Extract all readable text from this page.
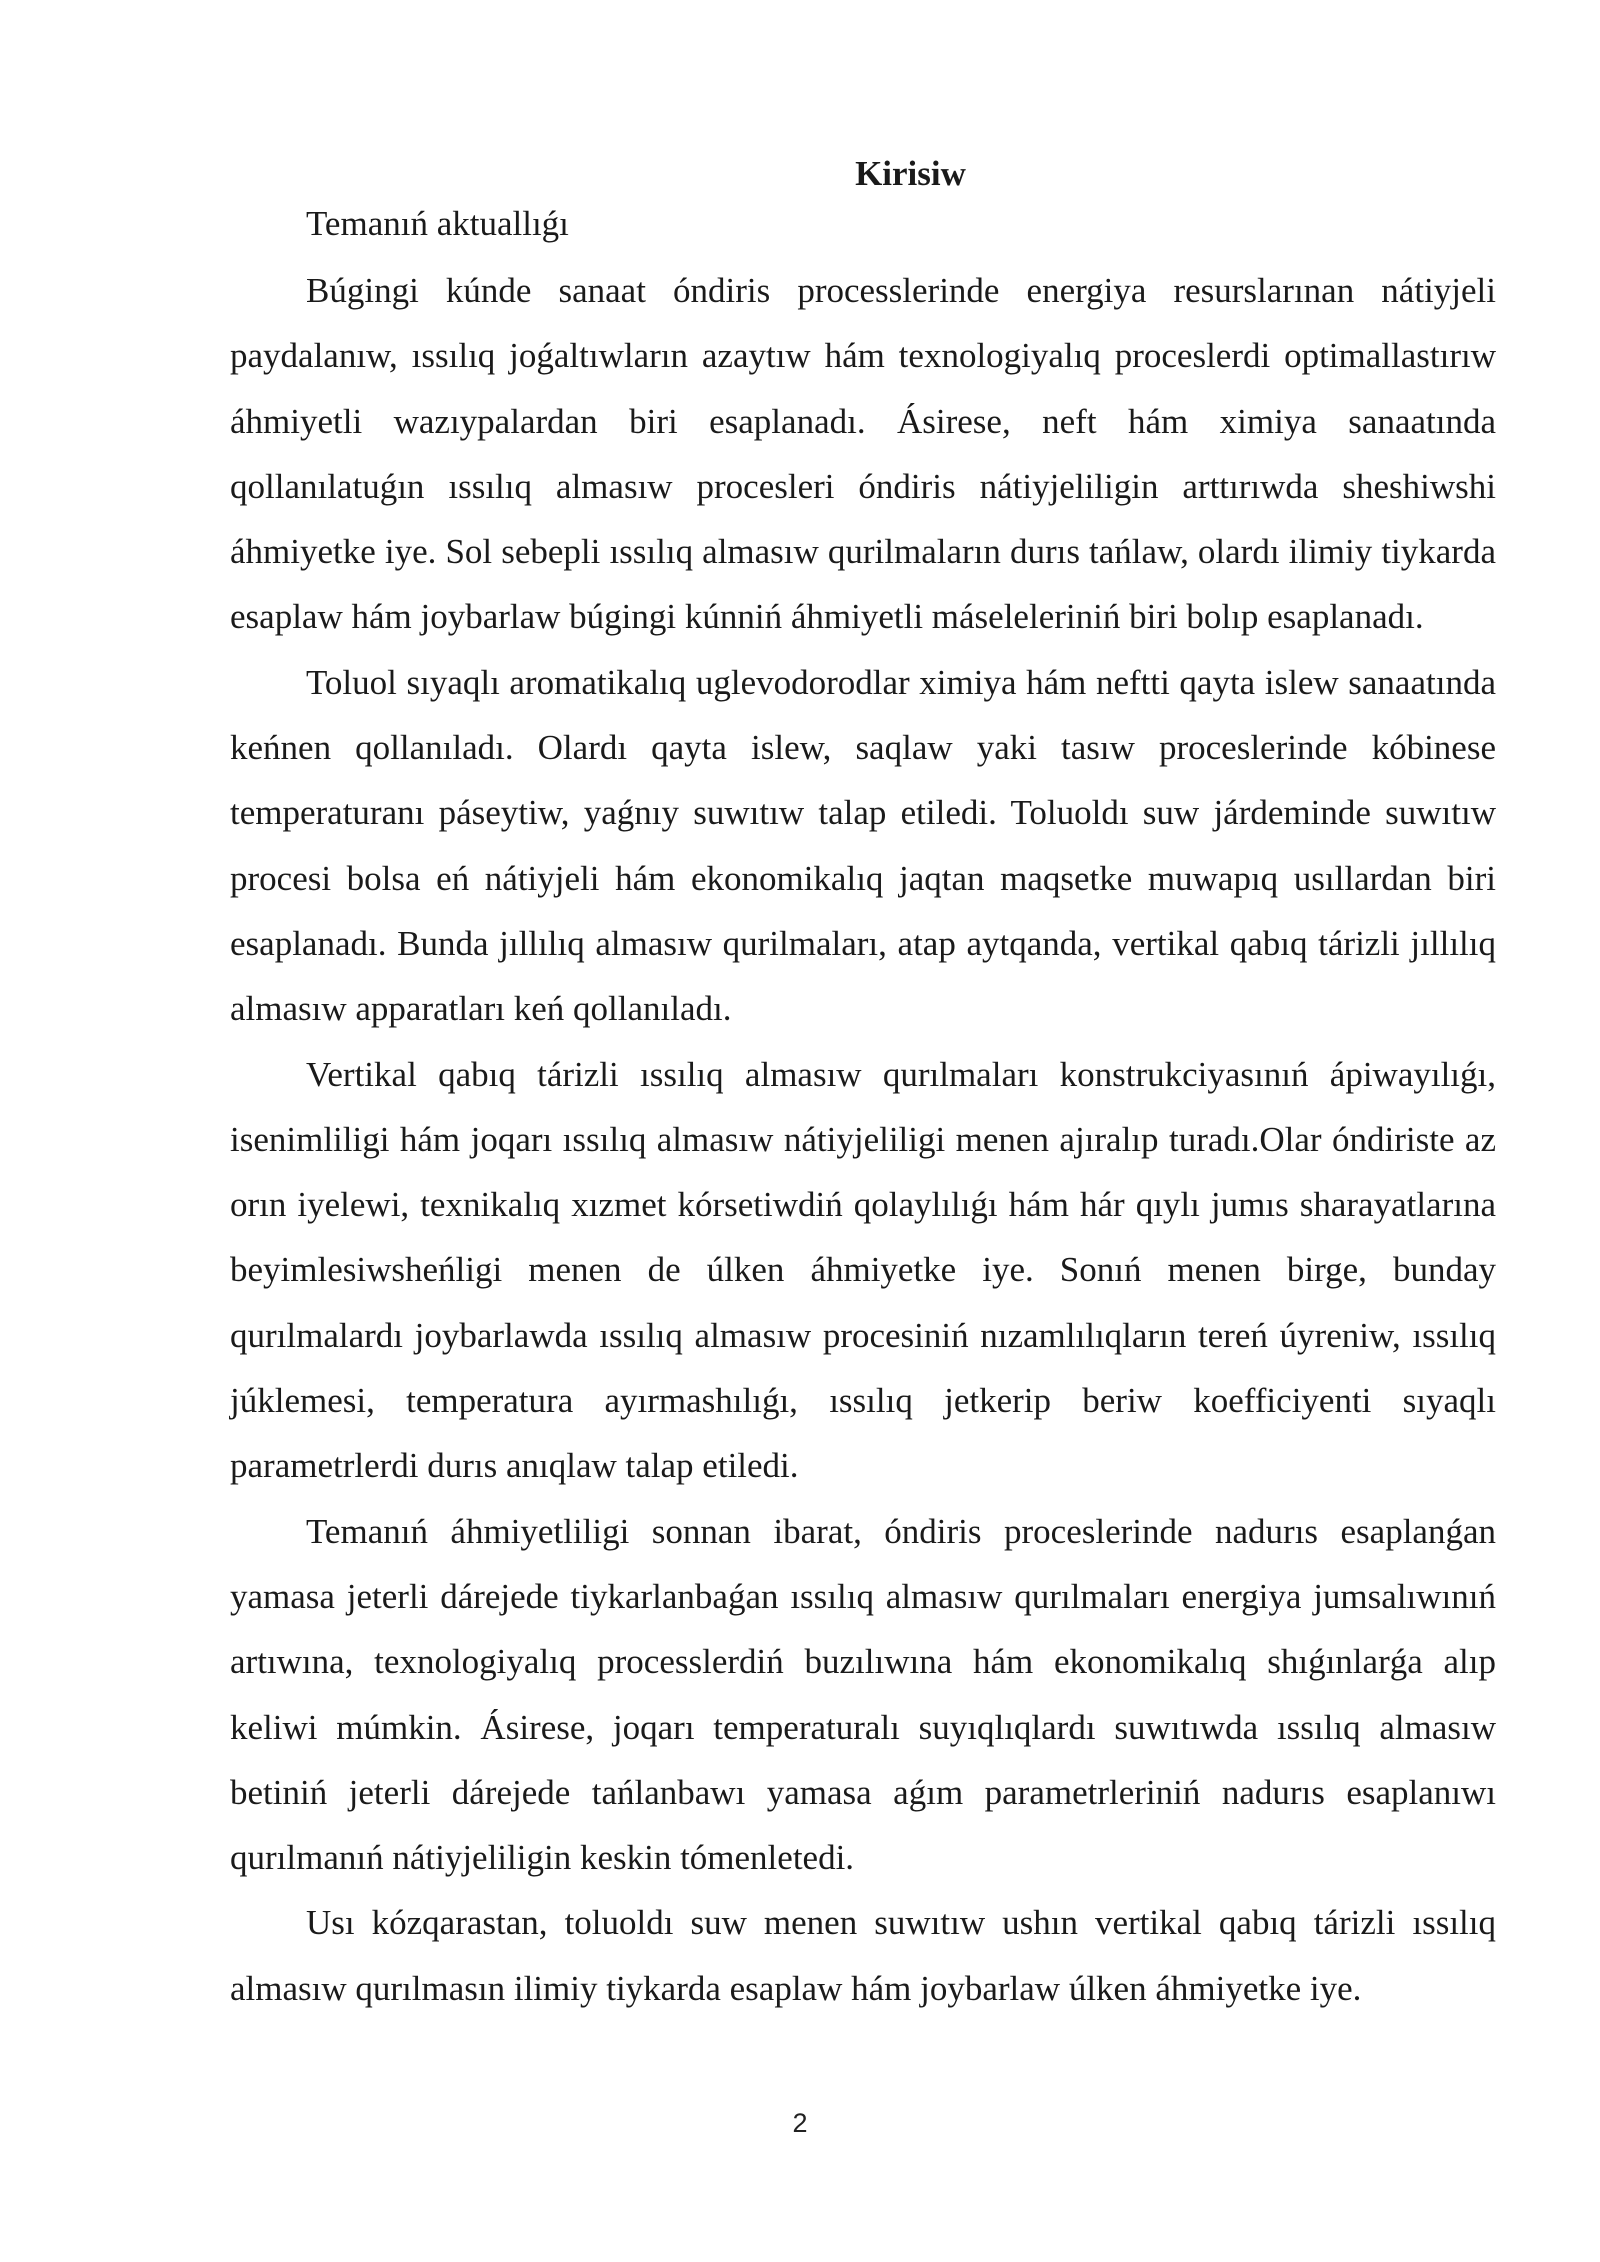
Kirisiw
Temanıń aktuallıǵı

Búgingi kúnde sanaat óndiris processlerinde energiya resurslarınan nátiyjeli paydalanıw, ıssılıq joǵaltıwların azaytıw hám texnologiyalıq proceslerdi optimallastırıw áhmiyetli wazıypalardan biri esaplanadı. Ásirese, neft hám ximiya sanaatında qollanılatuǵın ıssılıq almasıw procesleri óndiris nátiyjeliligin arttırıwda sheshiwshi áhmiyetke iye. Sol sebepli ıssılıq almasıw qurilmaların durıs tańlaw, olardı ilimiy tiykarda esaplaw hám joybarlaw búgingi kúnniń áhmiyetli máseleleriniń biri bolıp esaplanadı.

Toluol sıyaqlı aromatikalıq uglevodorodlar ximiya hám neftti qayta islew sanaatında keńnen qollanıladı. Olardı qayta islew, saqlaw yaki tasıw proceslerinde kóbinese temperaturanı páseytiw, yaǵnıy suwıtıw talap etiledi. Toluoldı suw járdeminde suwıtıw procesi bolsa eń nátiyjeli hám ekonomikalıq jaqtan maqsetke muwapıq usıllardan biri esaplanadı. Bunda jıllılıq almasıw qurilmaları, atap aytqanda, vertikal qabıq tárizli jıllılıq almasıw apparatları keń qollanıladı.

Vertikal qabıq tárizli ıssılıq almasıw qurılmaları konstrukciyasınıń ápiwayılıǵı, isenimliligi hám joqarı ıssılıq almasıw nátiyjeliligi menen ajıralıp turadı.Olar óndiriste az orın iyelewi, texnikalıq xızmet kórsetiwdiń qolaylılıǵı hám hár qıylı jumıs sharayatlarına beyimlesiwsheńligi menen de úlken áhmiyetke iye. Sonıń menen birge, bunday qurılmalardı joybarlawda ıssılıq almasıw procesiniń nızamlılıqların tereń úyreniw, ıssılıq júklemesi, temperatura ayırmashılıǵı, ıssılıq jetkerip beriw koefficiyenti sıyaqlı parametrlerdi durıs anıqlaw talap etiledi.

Temanıń áhmiyetliligi sonnan ibarat, óndiris proceslerinde nadurıs esaplanǵan yamasa jeterli dárejede tiykarlanbaǵan ıssılıq almasıw qurılmaları energiya jumsalıwınıń artıwına, texnologiyalıq processlerdiń buzılıwına hám ekonomikalıq shıǵınlarǵa alıp keliwi múmkin. Ásirese, joqarı temperaturalı suyıqlıqlardı suwıtıwda ıssılıq almasıw betiniń jeterli dárejede tańlanbawı yamasa aǵım parametrleriniń nadurıs esaplanıwı qurılmanıń nátiyjeliligin keskin tómenletedi.

Usı kózqarastan, toluoldı suw menen suwıtıw ushın vertikal qabıq tárizli ıssılıq almasıw qurılmasın ilimiy tiykarda esaplaw hám joybarlaw úlken áhmiyetke iye.

2
